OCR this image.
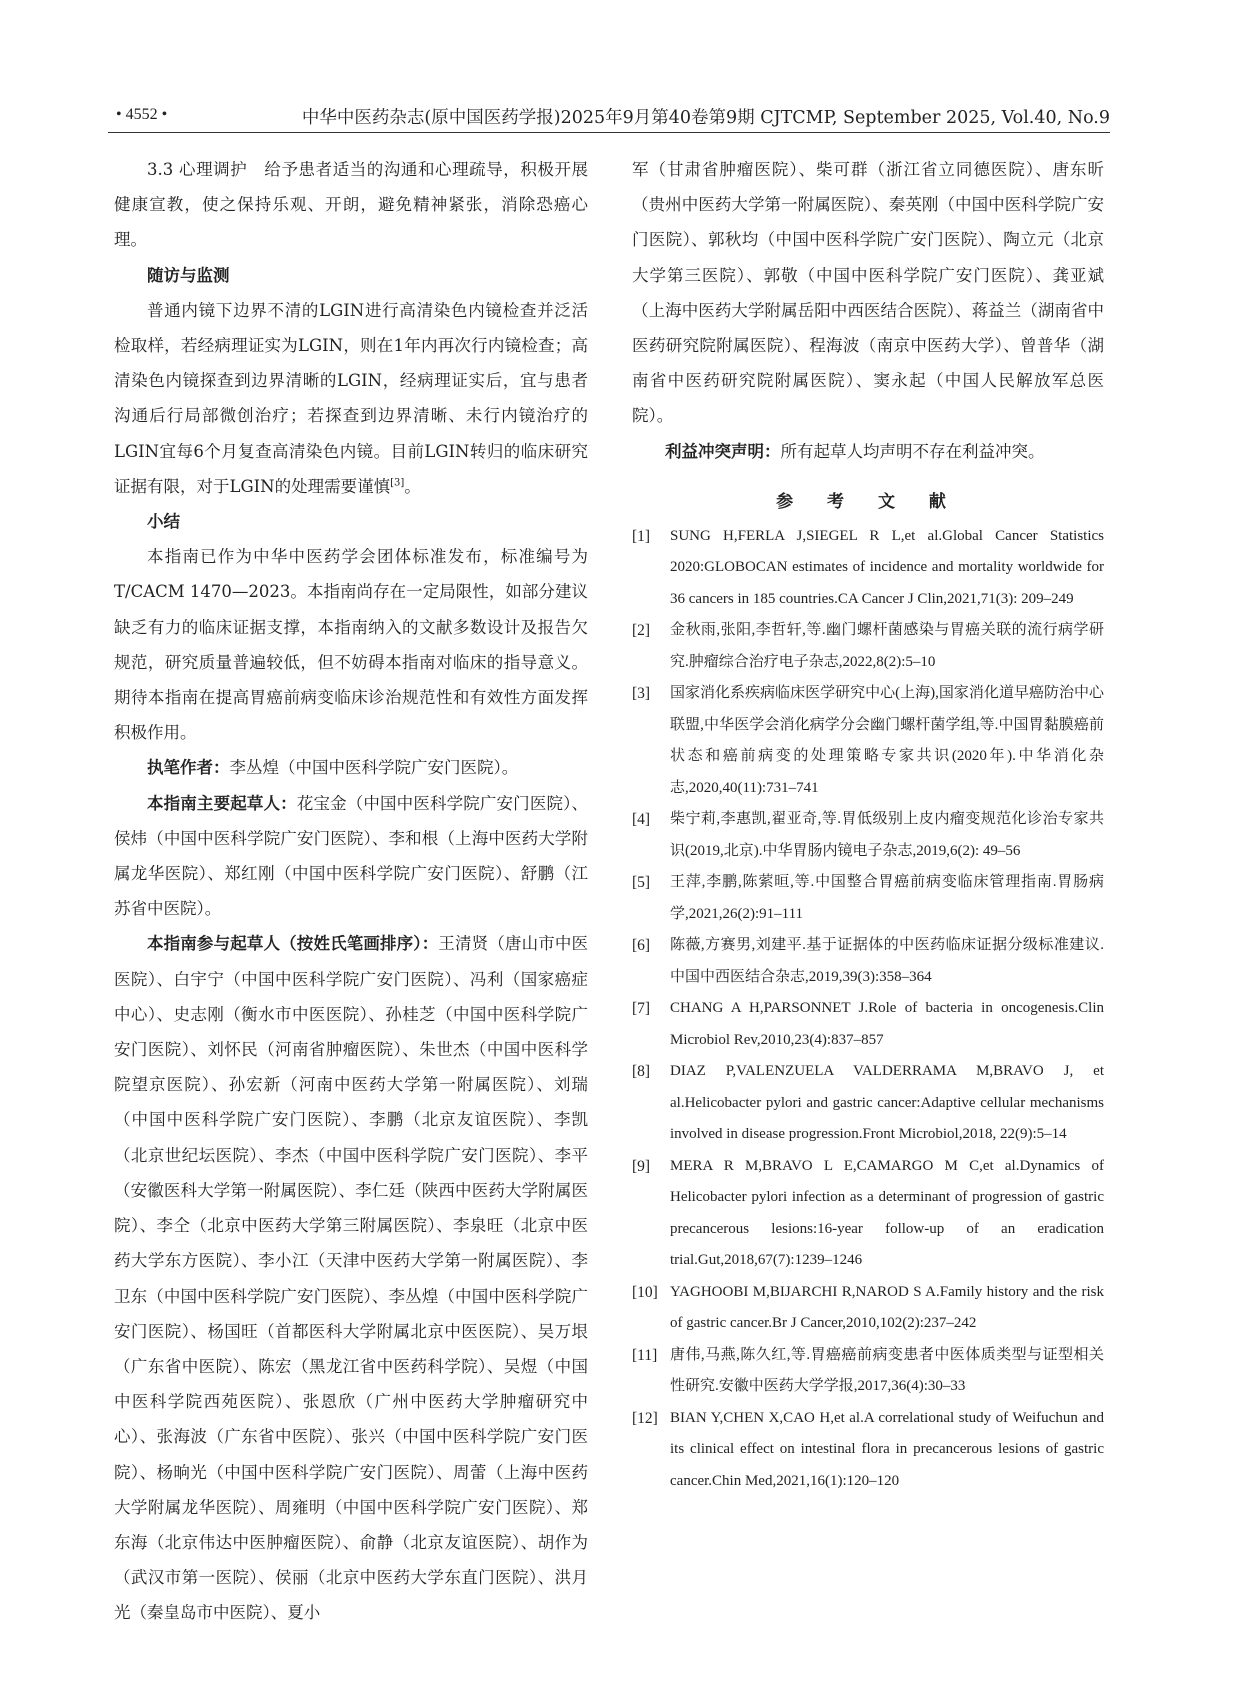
• 4552 •	中华中医药杂志(原中国医药学报)2025年9月第40卷第9期 CJTCMP, September 2025, Vol.40, No.9

3.3 心理调护　 给予患者适当的沟通和心理疏导，积极开展健康宣教，使之保持乐观、开朗，避免精神紧张，消除恐癌心理。

随访与监测

普通内镜下边界不清的LGIN进行高清染色内镜检查并泛活检取样，若经病理证实为LGIN，则在1年内再次行内镜检查；高清染色内镜探查到边界清晰的LGIN，经病理证实后，宜与患者沟通后行局部微创治疗；若探查到边界清晰、未行内镜治疗的LGIN宜每6个月复查高清染色内镜。目前LGIN转归的临床研究证据有限，对于LGIN的处理需要谨慎[3]。

小结

本指南已作为中华中医药学会团体标准发布，标准编号为T/CACM 1470—2023。本指南尚存在一定局限性，如部分建议缺乏有力的临床证据支撑，本指南纳入的文献多数设计及报告欠规范，研究质量普遍较低，但不妨碍本指南对临床的指导意义。期待本指南在提高胃癌前病变临床诊治规范性和有效性方面发挥积极作用。

执笔作者：李丛煌（中国中医科学院广安门医院）。

本指南主要起草人：花宝金（中国中医科学院广安门医院）、侯炜（中国中医科学院广安门医院）、李和根（上海中医药大学附属龙华医院）、郑红刚（中国中医科学院广安门医院）、舒鹏（江苏省中医院）。

本指南参与起草人（按姓氏笔画排序）：王清贤（唐山市中医医院）、白宇宁（中国中医科学院广安门医院）、冯利（国家癌症中心）、史志刚（衡水市中医医院）、孙桂芝（中国中医科学院广安门医院）、刘怀民（河南省肿瘤医院）、朱世杰（中国中医科学院望京医院）、孙宏新（河南中医药大学第一附属医院）、刘瑞（中国中医科学院广安门医院）、李鹏（北京友谊医院）、李凯（北京世纪坛医院）、李杰（中国中医科学院广安门医院）、李平（安徽医科大学第一附属医院）、李仁廷（陕西中医药大学附属医院）、李仝（北京中医药大学第三附属医院）、李泉旺（北京中医药大学东方医院）、李小江（天津中医药大学第一附属医院）、李卫东（中国中医科学院广安门医院）、李丛煌（中国中医科学院广安门医院）、杨国旺（首都医科大学附属北京中医医院）、吴万垠（广东省中医院）、陈宏（黑龙江省中医药科学院）、吴煜（中国中医科学院西苑医院）、张恩欣（广州中医药大学肿瘤研究中心）、张海波（广东省中医院）、张兴（中国中医科学院广安门医院）、杨晌光（中国中医科学院广安门医院）、周蕾（上海中医药大学附属龙华医院）、周雍明（中国中医科学院广安门医院）、郑东海（北京伟达中医肿瘤医院）、俞静（北京友谊医院）、胡作为（武汉市第一医院）、侯丽（北京中医药大学东直门医院）、洪月光（秦皇岛市中医院）、夏小

军（甘肃省肿瘤医院）、柴可群（浙江省立同德医院）、唐东昕（贵州中医药大学第一附属医院）、秦英刚（中国中医科学院广安门医院）、郭秋均（中国中医科学院广安门医院）、陶立元（北京大学第三医院）、郭敬（中国中医科学院广安门医院）、龚亚斌（上海中医药大学附属岳阳中西医结合医院）、蒋益兰（湖南省中医药研究院附属医院）、程海波（南京中医药大学）、曾普华（湖南省中医药研究院附属医院）、窦永起（中国人民解放军总医院）。

利益冲突声明：所有起草人均声明不存在利益冲突。

参 考 文 献
[1]	SUNG H,FERLA J,SIEGEL R L,et al.Global Cancer Statistics 2020:GLOBOCAN estimates of incidence and mortality worldwide for 36 cancers in 185 countries.CA Cancer J Clin,2021,71(3): 209–249
[2]	金秋雨,张阳,李哲轩,等.幽门螺杆菌感染与胃癌关联的流行病学研究.肿瘤综合治疗电子杂志,2022,8(2):5–10
[3]	国家消化系疾病临床医学研究中心(上海),国家消化道早癌防治中心联盟,中华医学会消化病学分会幽门螺杆菌学组,等.中国胃黏膜癌前状态和癌前病变的处理策略专家共识(2020年).中华消化杂志,2020,40(11):731–741
[4]	柴宁莉,李惠凯,翟亚奇,等.胃低级别上皮内瘤变规范化诊治专家共识(2019,北京).中华胃肠内镜电子杂志,2019,6(2): 49–56
[5]	王萍,李鹏,陈萦晅,等.中国整合胃癌前病变临床管理指南.胃肠病学,2021,26(2):91–111
[6]	陈薇,方赛男,刘建平.基于证据体的中医药临床证据分级标准建议.中国中西医结合杂志,2019,39(3):358–364
[7]	CHANG A H,PARSONNET J.Role of bacteria in oncogenesis.Clin Microbiol Rev,2010,23(4):837–857
[8]	DIAZ P,VALENZUELA VALDERRAMA M,BRAVO J, et al.Helicobacter pylori and gastric cancer:Adaptive cellular mechanisms involved in disease progression.Front Microbiol,2018, 22(9):5–14
[9]	MERA R M,BRAVO L E,CAMARGO M C,et al.Dynamics of Helicobacter pylori infection as a determinant of progression of gastric precancerous lesions:16-year follow-up of an eradication trial.Gut,2018,67(7):1239–1246
[10] YAGHOOBI M,BIJARCHI R,NAROD S A.Family history and the risk of gastric cancer.Br J Cancer,2010,102(2):237–242
[11] 唐伟,马燕,陈久红,等.胃癌癌前病变患者中医体质类型与证型相关性研究.安徽中医药大学学报,2017,36(4):30–33
[12] BIAN Y,CHEN X,CAO H,et al.A correlational study of Weifuchun and its clinical effect on intestinal flora in precancerous lesions of gastric cancer.Chin Med,2021,16(1):120–120
